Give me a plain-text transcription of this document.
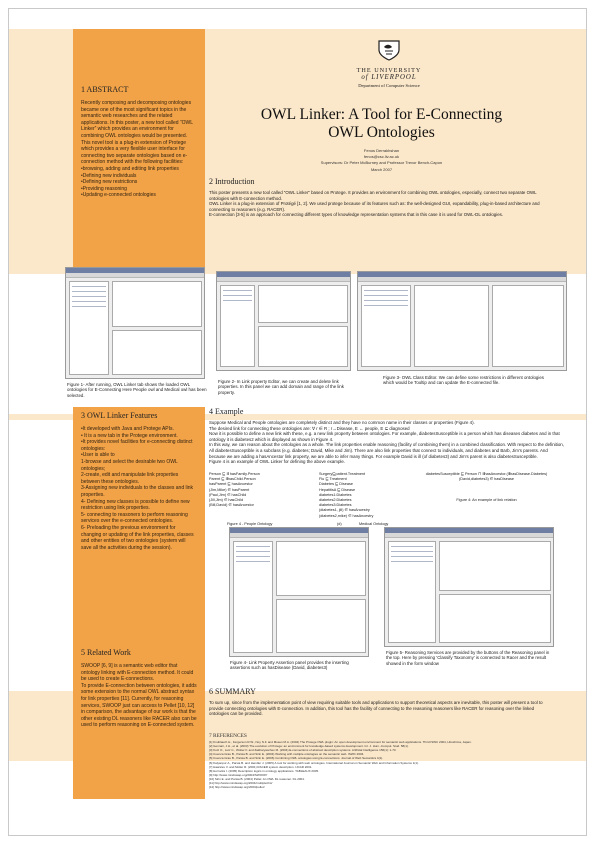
1 ABSTRACT

Recently composing and decomposing ontologies became one of the most significant topics in the semantic web researches and the related applications. In this poster, a new tool called “OWL Linker” which provides an environment for combining OWL ontologies would be presented. This novel tool is a plug-in extension of Protege which provides a very flexible user interface for connecting two separate ontologies based on e-connection method with the following facilities:

•browsing, adding and editing link properties
•Defining new individuals
•Defining new restrictions
•Providing reasoning
•Updating e-connected ontologies

THE UNIVERSITY
of LIVERPOOL
Department of Computer Science
OWL Linker: A Tool for E-Connecting
OWL Ontologies
Fenos Derrakhshan
fenos@csc.liv.ac.uk
Supervisors: Dr Peter McBurney and Professor Trevor Bench-Capon
March 2007

2 Introduction

This poster presents a new tool called “OWL Linker” based on Protege. It provides an environment for combining OWL ontologies, especially, connect two separate OWL ontologies with E-connection method.

OWL Linker is a plug-in extension of Protégé [1, 2]. We used protege because of its features such as: the well-designed GUI, expandability, plug-in-based architecture and connecting to reasoners (e.g. RACER).

E-connection [3-5] is an approach for connecting different types of knowledge representation systems that in this case it is used for OWL-DL ontologies.

Figure 1- After running, OWL Linker tab shows the loaded OWL ontologies for E-Connecting Here People owl and Medical owl has been selected.
Figure 2- In Link property Editor, we can create and delete link properties. In this panel we can add domain and range of the link property.
Figure 3- OWL Class Editor. We can define some restrictions in different ontologies which would be Tooltip and can update the E-connected file.

3 OWL Linker Features

•It developed with Java and Protege APIs.
• It is a new tab in the Protege environment.
•It provides novel facilities for e-connecting distinct ontologies:
•User is able to
1-browse and select the desirable two OWL ontologies;
2-create, edit and manipulate link properties between these ontologies.
3-Assigning new individuals to the classes and link properties.
4- Defining new classes is possible to define new restriction using link properties.
5- connecting to reasoners to perform reasoning services over the e-connected ontologies.
6- Preloading the previous environment for changing or updating of the link properties, classes and other entities of two ontologies (system will save all the activities during the session).

4 Example

Suppose Medical and People ontologies are completely distinct and they have no common name in their classes or properties (Figure 4).

The desired link for connecting these ontologies are: ∀ r ∈ R ; r→Disease, E ← people, E ⊆ diagnosed

Now it is possible to define a new link with these, e.g. a new link property between ontologies. For example, diabetesSusceptible is a person which has diseases diabetes and in that ontology it is diabetes2 which is displayed as shown in Figure 4.

In this way, we can reason about the ontologies as a whole. The link properties enable reasoning (facility of combining them) in a combined classification. With respect to the definition, All diabetesSusceptible is a subclass (e.g. diabetes; David, Mike and Jim). There are also link properties that connect to individuals, and diabetes and Barb, Jim's parents. And because we are adding a hasAncestor link property, we are able to infer many things. For example David is ill (of diabetes3) and Jim's parent is also diabetesSusceptible.

Figure 4 is an example of OWL Linker for defining the above example.

Person ⊑ ∃ hasFamily.Person
Parent ⊑ ∃hasChild.Person
hasParent ⊑ hasAncestor
(Jim,Mike) ∈ hasParent
(Paul,Jim) ∈ hasChild
(Jill,Jim) ∈ hasChild
(Bill,David) ∈ hasAncestor
Surgery⊑patient.Treatment
Flu ⊑ Treatment
Diabetes ⊑ Disease
HepatitisA ⊑ Disease
diabetes1:Diabetes
diabetes2:Diabetes
diabetes3:Diabetes
(diabetes1, jill) ∈ hasAncestry
(diabetes2,mike) ∈ hasAncestry
diabetesSusceptible ⊑ Person ⊓ ∃hasAncestor.(∃hasDisease.Diabetes)
(David,diabetes3) ∈ hasDisease
Figure 4: An example of link relation
Figure 4 - People Ontology	(d)	Medical Ontology
Figure 4- Link Property Assertion panel provides the inserting assertions such as hasDisease (David, diabetes3)
Figure 5- Reasoning Services are provided by the buttons of the Reasoning panel in the top. Here by pressing ‘Classify Taxonomy’ is connected to Racer and the result showed in the form window

5 Related Work

SWOOP [6, 9] is a semantic web editor that ontology linking with E-connection method. It could be used to create E-connections.

To provide E-connection between ontologies, it adds some extension to the normal OWL abstract syntax for link properties [11]. Currently, for reasoning services, SWOOP just can access to Pellet [10, 12] in comparison, the advantage of our work is that the other existing DL reasoners like RACER also can be used to perform reasoning on E-connected system.

6 SUMMARY

To sum up, since from the implementation point of view requiring suitable tools and applications to support theoretical aspects are inevitable, this poster will present a tool to provide connecting ontologies with E-connection. In addition, this tool has the facility of connecting to the reasoning reasoners like RACER for reasoning over the linked ontologies can be provided.

7 REFERENCES
[1] Knublauch H., Fergerson R.W., Noy N.F. and Musen M.A. (2004) The Protege OWL plugin: An open development environment for semantic web applications. Third ISWC 2004, Hiroshima, Japan.
[2] Gennari, J.H., et al. (2003) The evolution of Protege: an environment for knowledge-based systems development. Int. J. Hum.-Comput. Stud. 58(1).
[3] Kutz O., Lutz C., Wolter F. and Zakharyaschev M. (2004) E-connections of abstract description systems. Artificial Intelligence 156(1): 1-73.
[4] Cuenca Grau B., Parsia B. and Sirin E. (2004) Working with multiple ontologies on the semantic web. ISWC 2004.
[5] Cuenca Grau B., Parsia B. and Sirin E. (2006) Combining OWL ontologies using E-connections. Journal of Web Semantics 4(1).
[6] Kalyanpur A., Parsia B. and Hendler J. (2005) A tool for working with web ontologies. International Journal on Semantic Web and Information Systems 1(1).
[7] Haarslev V. and Moller R. (2001) RACER system description. IJCAR 2001.
[8] Horrocks I. (2005) Description logics in ontology applications. TABLEAUX 2005.
[9] http://www.mindswap.org/2004/SWOOP/
[10] Sirin E. and Parsia B. (2004) Pellet: An OWL DL reasoner. DL 2004.
[11] http://www.mindswap.org/2004/multipleOnt/
[12] http://www.mindswap.org/2003/pellet/
